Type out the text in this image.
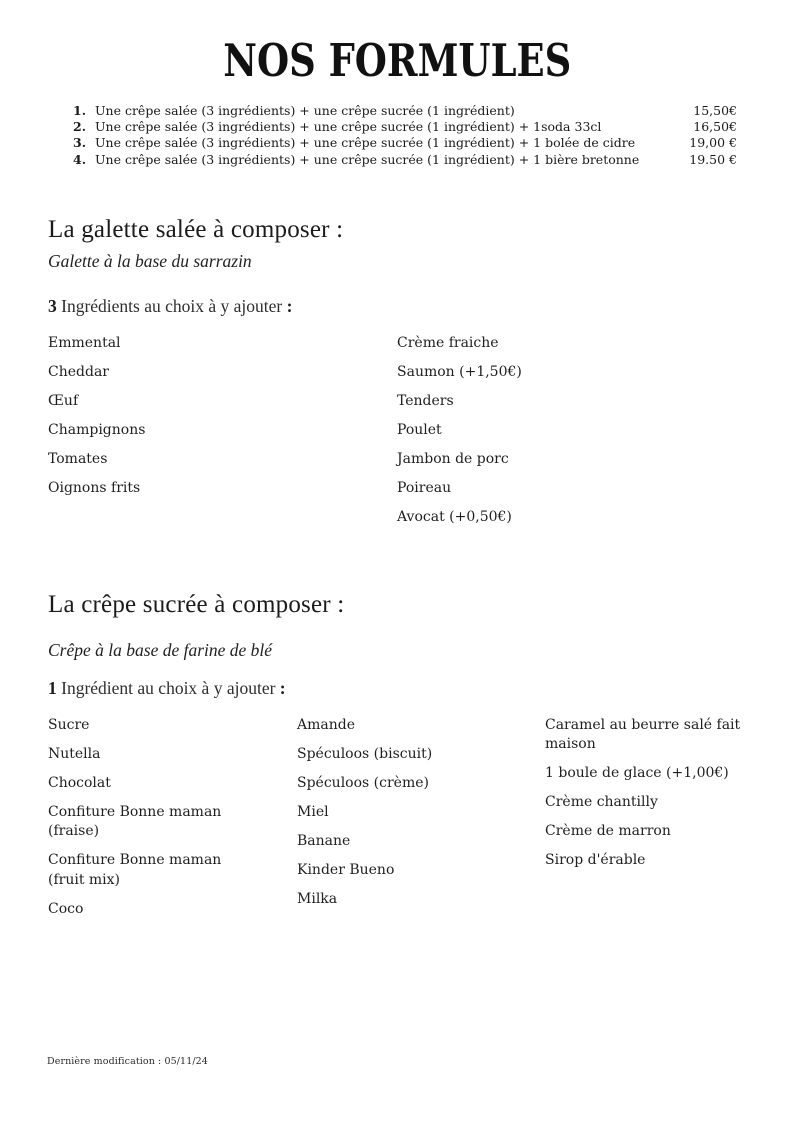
NOS FORMULES
1. Une crêpe salée (3 ingrédients) + une crêpe sucrée (1 ingrédient)	15,50€
2. Une crêpe salée (3 ingrédients) + une crêpe sucrée (1 ingrédient) + 1soda 33cl	16,50€
3. Une crêpe salée (3 ingrédients) + une crêpe sucrée (1 ingrédient) + 1 bolée de cidre	19,00 €
4. Une crêpe salée (3 ingrédients) + une crêpe sucrée (1 ingrédient) + 1 bière bretonne	19.50 €
La galette salée à composer :
Galette à la base du sarrazin
3 Ingrédients au choix à y ajouter :
Emmental
Cheddar
Œuf
Champignons
Tomates
Oignons frits
Crème fraiche
Saumon (+1,50€)
Tenders
Poulet
Jambon de porc
Poireau
Avocat (+0,50€)
La crêpe sucrée à composer :
Crêpe à la base de farine de blé
1 Ingrédient au choix à y ajouter :
Sucre
Nutella
Chocolat
Confiture Bonne maman (fraise)
Confiture Bonne maman (fruit mix)
Coco
Amande
Spéculoos (biscuit)
Spéculoos (crème)
Miel
Banane
Kinder Bueno
Milka
Caramel au beurre salé fait maison
1 boule de glace (+1,00€)
Crème chantilly
Crème de marron
Sirop d'érable
Dernière modification : 05/11/24
